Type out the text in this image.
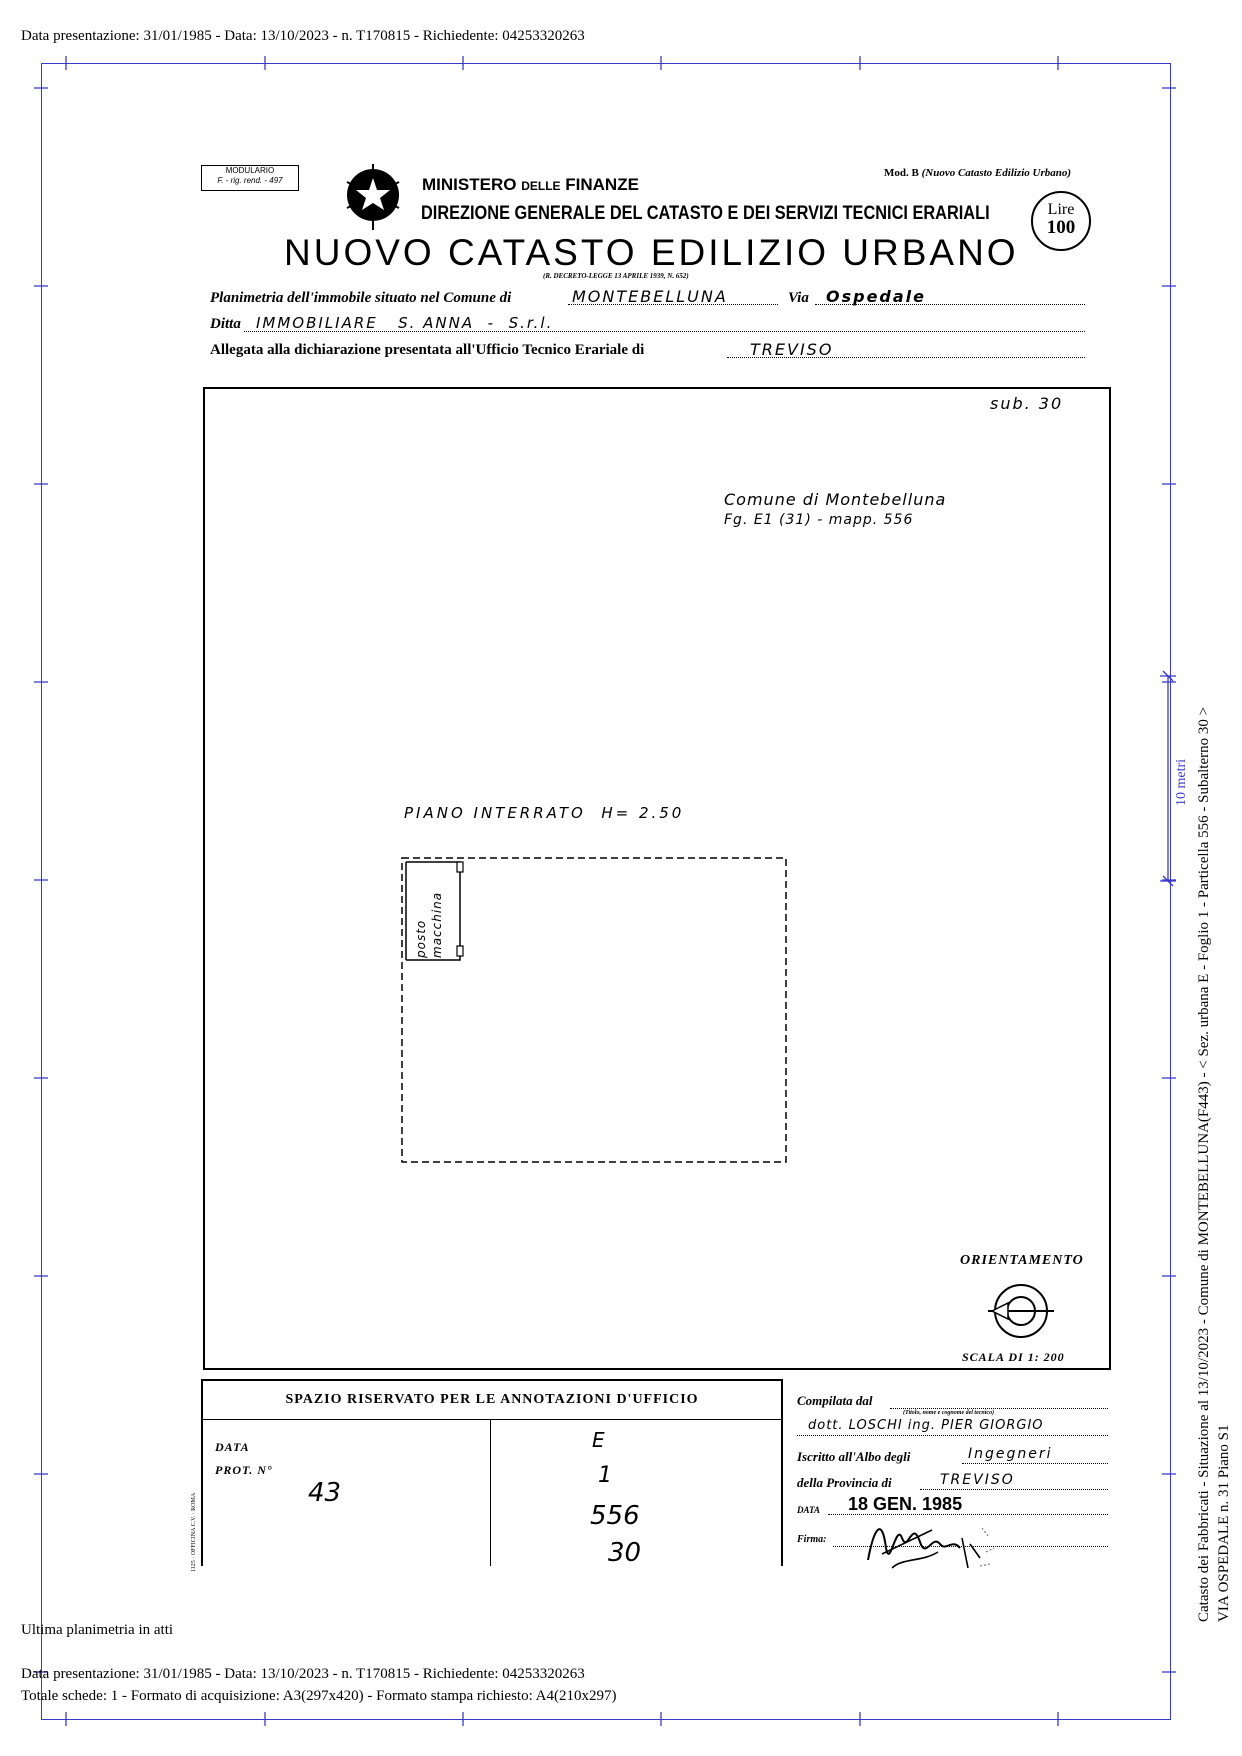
Data presentazione: 31/01/1985 - Data: 13/10/2023 - n. T170815 - Richiedente: 04253320263
10 metri Catasto dei Fabbricati - Situazione al 13/10/2023 - Comune di MONTEBELLUNA(F443) - < Sez. urbana E - Foglio 1 - Particella 556 - Subalterno 30 > VIA OSPEDALE n. 31 Piano S1
MODULARIO
F. - rig. rend. - 497	MINISTERO DELLE FINANZE
DIREZIONE GENERALE DEL CATASTO E DEI SERVIZI TECNICI ERARIALI
Mod. B (Nuovo Catasto Edilizio Urbano)
Lire
100
NUOVO CATASTO EDILIZIO URBANO
(R. DECRETO-LEGGE 13 APRILE 1939, N. 652)
Planimetria dell'immobile situato nel Comune di	MONTEBELLUNA	Via Ospedale
Ditta IMMOBILIARE   S. ANNA  -  S.r.l.
Allegata alla dichiarazione presentata all'Ufficio Tecnico Erariale di	TREVISO
sub. 30
Comune di Montebelluna
Fg. E1 (31) - mapp. 556
PIANO INTERRATO  H= 2.50
posto macchina
ORIENTAMENTO
SCALA DI 1: 200
SPAZIO RISERVATO PER LE ANNOTAZIONI D'UFFICIO
DATA
PROT. N°
43
E
1
556
30
1125 · OFFICINA C.V. · ROMA
Compilata dal
(Titolo, nome e cognome del tecnico)
dott. LOSCHI ing. PIER GIORGIO
Iscritto all'Albo degli	Ingegneri
della Provincia di	TREVISO
DATA 18 GEN. 1985
Firma:
Ultima planimetria in atti
Data presentazione: 31/01/1985 - Data: 13/10/2023 - n. T170815 - Richiedente: 04253320263
Totale schede: 1 - Formato di acquisizione: A3(297x420) - Formato stampa richiesto: A4(210x297)
